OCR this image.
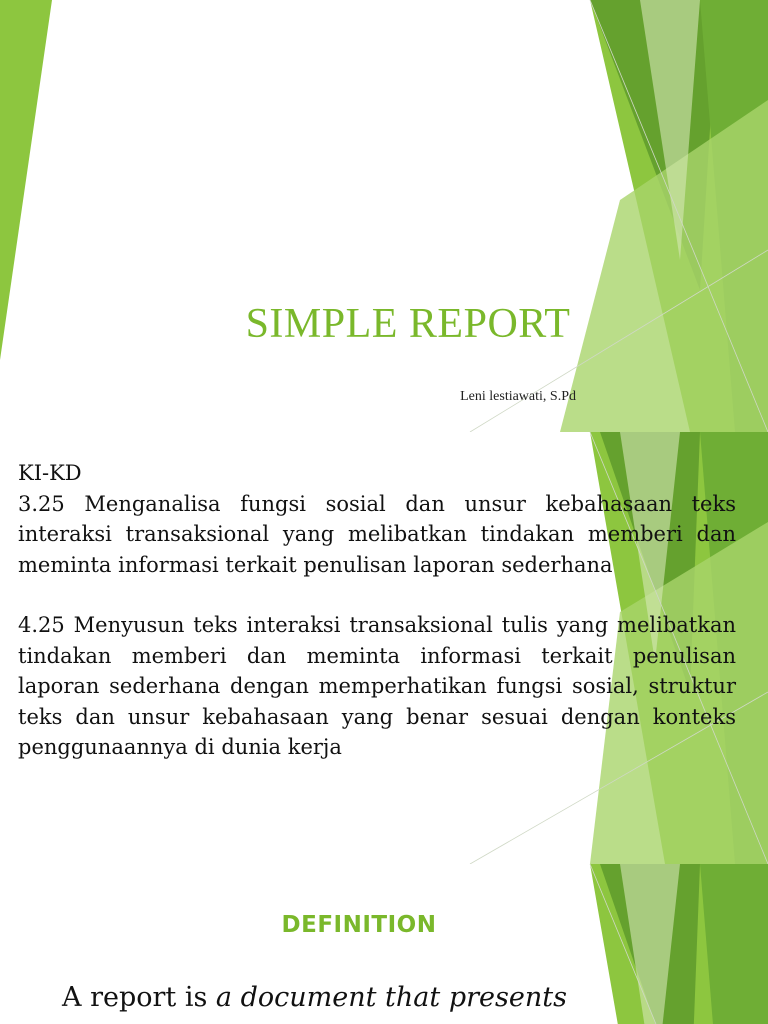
SIMPLE REPORT
Leni lestiawati, S.Pd
KI-KD
3.25 Menganalisa fungsi sosial dan unsur kebahasaan teks interaksi transaksional yang melibatkan tindakan memberi dan meminta informasi terkait penulisan laporan sederhana
4.25 Menyusun teks interaksi transaksional tulis yang melibatkan tindakan memberi dan meminta informasi terkait penulisan laporan sederhana dengan memperhatikan fungsi sosial, struktur teks dan unsur kebahasaan yang benar sesuai dengan konteks penggunaannya di dunia kerja
DEFINITION
A report is a document that presents
